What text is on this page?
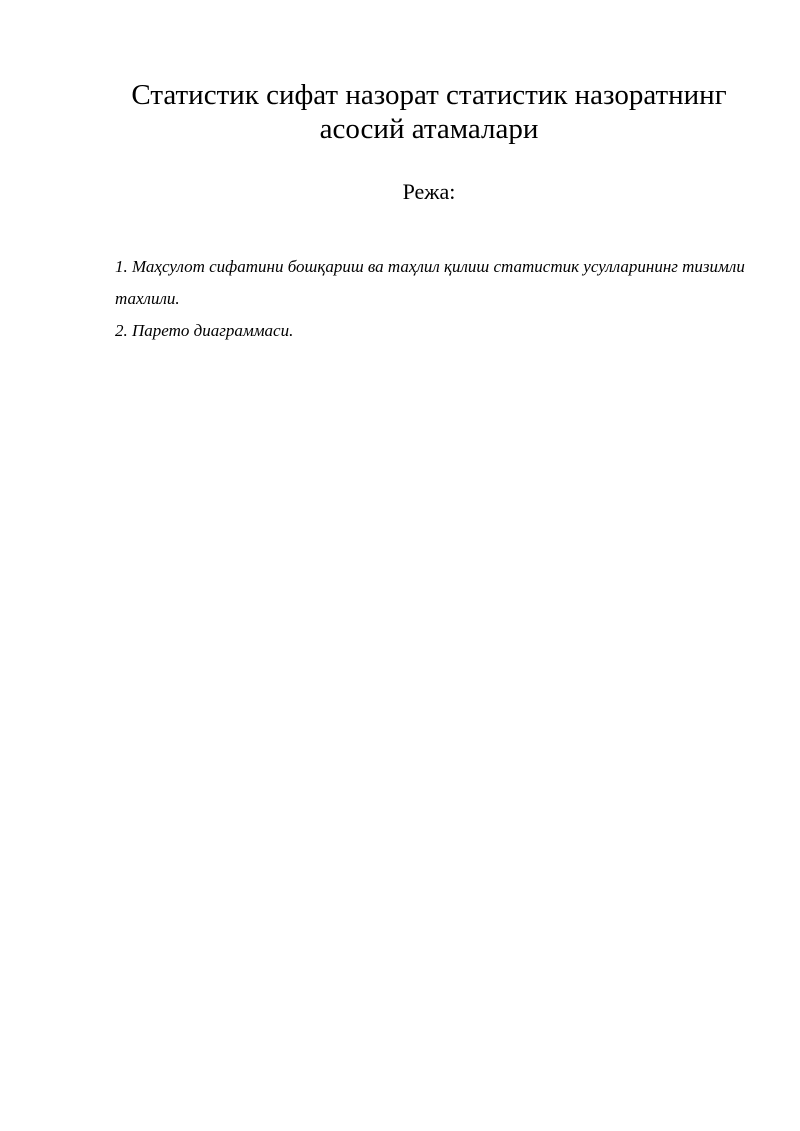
Статистик сифат назорат статистик назоратнинг асосий атамалари
Режа:
1. Маҳсулот сифатини бошқариш ва таҳлил қилиш статистик усулларининг тизимли тахлили.
2. Парето диаграммаси.
